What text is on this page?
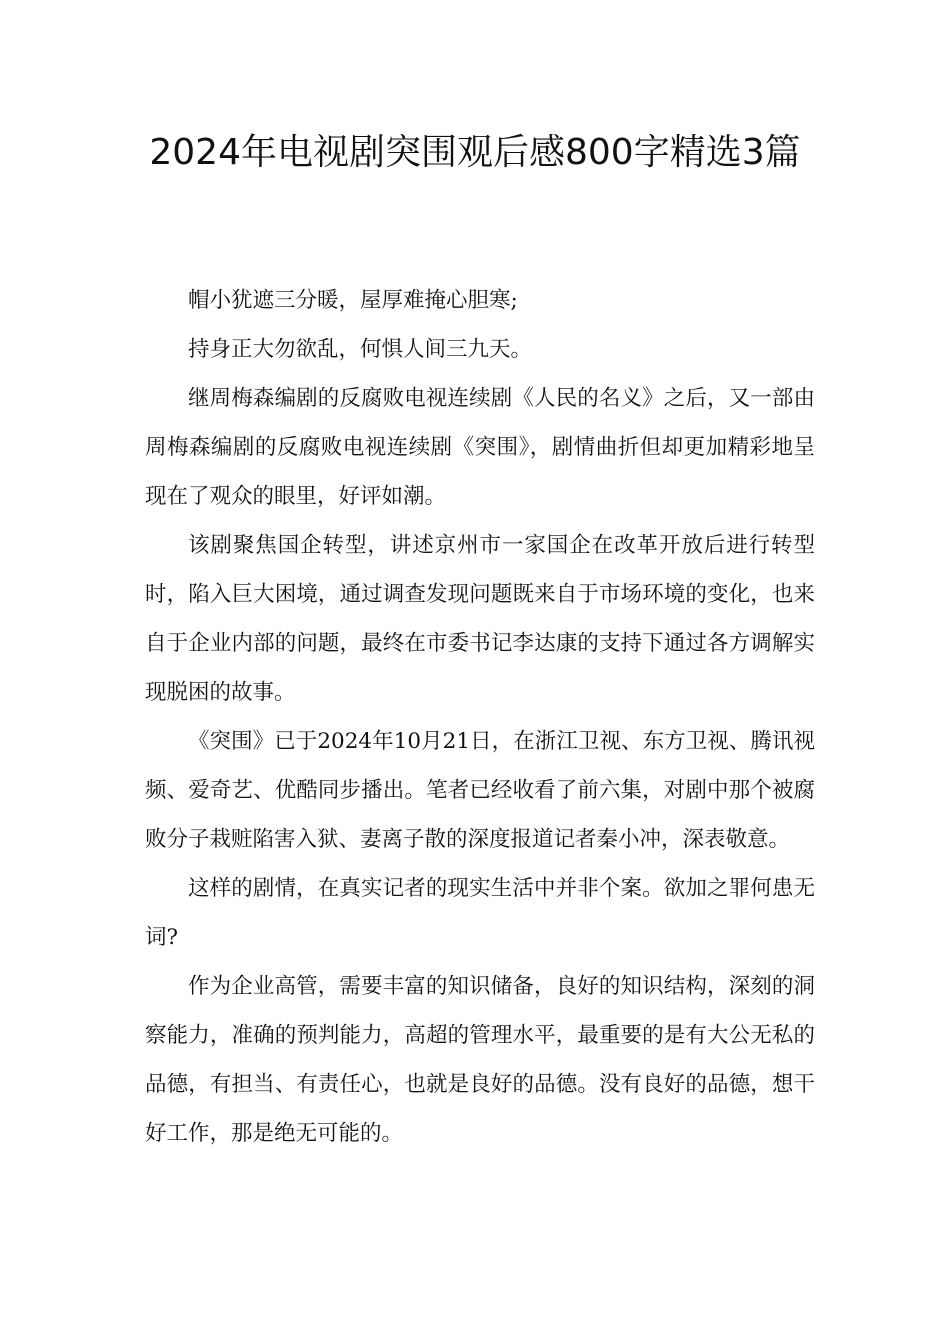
2024年电视剧突围观后感800字精选3篇

帽小犹遮三分暖，屋厚难掩心胆寒;

持身正大勿欲乱，何惧人间三九天。

继周梅森编剧的反腐败电视连续剧《人民的名义》之后，又一部由周梅森编剧的反腐败电视连续剧《突围》，剧情曲折但却更加精彩地呈现在了观众的眼里，好评如潮。

该剧聚焦国企转型，讲述京州市一家国企在改革开放后进行转型时，陷入巨大困境，通过调查发现问题既来自于市场环境的变化，也来自于企业内部的问题，最终在市委书记李达康的支持下通过各方调解实现脱困的故事。

《突围》已于2024年10月21日，在浙江卫视、东方卫视、腾讯视频、爱奇艺、优酷同步播出。笔者已经收看了前六集，对剧中那个被腐败分子栽赃陷害入狱、妻离子散的深度报道记者秦小冲，深表敬意。

这样的剧情，在真实记者的现实生活中并非个案。欲加之罪何患无词?

作为企业高管，需要丰富的知识储备，良好的知识结构，深刻的洞察能力，准确的预判能力，高超的管理水平，最重要的是有大公无私的品德，有担当、有责任心，也就是良好的品德。没有良好的品德，想干好工作，那是绝无可能的。
